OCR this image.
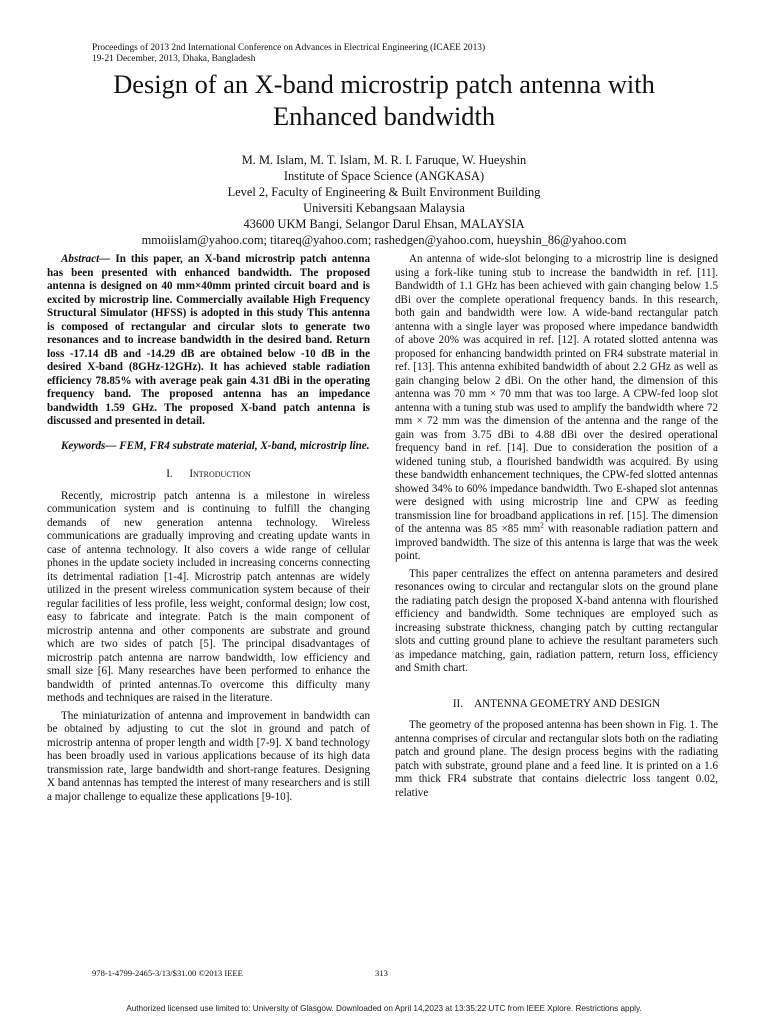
Proceedings of 2013 2nd International Conference on Advances in Electrical Engineering (ICAEE 2013)
19-21 December, 2013, Dhaka, Bangladesh
Design of an X-band microstrip patch antenna with
Enhanced bandwidth
M. M. Islam, M. T. Islam, M. R. I. Faruque, W. Hueyshin
Institute of Space Science (ANGKASA)
Level 2, Faculty of Engineering & Built Environment Building
Universiti Kebangsaan Malaysia
43600 UKM Bangi, Selangor Darul Ehsan, MALAYSIA
mmoiislam@yahoo.com; titareq@yahoo.com; rashedgen@yahoo.com, hueyshin_86@yahoo.com

Abstract— In this paper, an X-band microstrip patch antenna has been presented with enhanced bandwidth. The proposed antenna is designed on 40 mm×40mm printed circuit board and is excited by microstrip line. Commercially available High Frequency Structural Simulator (HFSS) is adopted in this study This antenna is composed of rectangular and circular slots to generate two resonances and to increase bandwidth in the desired band. Return loss -17.14 dB and -14.29 dB are obtained below -10 dB in the desired X-band (8GHz-12GHz). It has achieved stable radiation efficiency 78.85% with average peak gain 4.31 dBi in the operating frequency band. The proposed antenna has an impedance bandwidth 1.59 GHz. The proposed X-band patch antenna is discussed and presented in detail.

Keywords— FEM, FR4 substrate material, X-band, microstrip line.

I. Introduction

Recently, microstrip patch antenna is a milestone in wireless communication system and is continuing to fulfill the changing demands of new generation antenna technology. Wireless communications are gradually improving and creating update wants in case of antenna technology. It also covers a wide range of cellular phones in the update society included in increasing concerns connecting its detrimental radiation [1-4]. Microstrip patch antennas are widely utilized in the present wireless communication system because of their regular facilities of less profile, less weight, conformal design; low cost, easy to fabricate and integrate. Patch is the main component of microstrip antenna and other components are substrate and ground which are two sides of patch [5]. The principal disadvantages of microstrip patch antenna are narrow bandwidth, low efficiency and small size [6]. Many researches have been performed to enhance the bandwidth of printed antennas.To overcome this difficulty many methods and techniques are raised in the literature.

The miniaturization of antenna and improvement in bandwidth can be obtained by adjusting to cut the slot in ground and patch of microstrip antenna of proper length and width [7-9]. X band technology has been broadly used in various applications because of its high data transmission rate, large bandwidth and short-range features. Designing X band antennas has tempted the interest of many researchers and is still a major challenge to equalize these applications [9-10].

An antenna of wide-slot belonging to a microstrip line is designed using a fork-like tuning stub to increase the bandwidth in ref. [11]. Bandwidth of 1.1 GHz has been achieved with gain changing below 1.5 dBi over the complete operational frequency bands. In this research, both gain and bandwidth were low. A wide-band rectangular patch antenna with a single layer was proposed where impedance bandwidth of above 20% was acquired in ref. [12]. A rotated slotted antenna was proposed for enhancing bandwidth printed on FR4 substrate material in ref. [13]. This antenna exhibited bandwidth of about 2.2 GHz as well as gain changing below 2 dBi. On the other hand, the dimension of this antenna was 70 mm × 70 mm that was too large. A CPW-fed loop slot antenna with a tuning stub was used to amplify the bandwidth where 72 mm × 72 mm was the dimension of the antenna and the range of the gain was from 3.75 dBi to 4.88 dBi over the desired operational frequency band in ref. [14]. Due to consideration the position of a widened tuning stub, a flourished bandwidth was acquired. By using these bandwidth enhancement techniques, the CPW-fed slotted antennas showed 34% to 60% impedance bandwidth. Two E-shaped slot antennas were designed with using microstrip line and CPW as feeding transmission line for broadband applications in ref. [15]. The dimension of the antenna was 85 ×85 $mm^2$ with reasonable radiation pattern and improved bandwidth. The size of this antenna is large that was the week point.

This paper centralizes the effect on antenna parameters and desired resonances owing to circular and rectangular slots on the ground plane the radiating patch design the proposed X-band antenna with flourished efficiency and bandwidth. Some techniques are employed such as increasing substrate thickness, changing patch by cutting rectangular slots and cutting ground plane to achieve the resultant parameters such as impedance matching, gain, radiation pattern, return loss, efficiency and Smith chart.

II. ANTENNA GEOMETRY AND DESIGN

The geometry of the proposed antenna has been shown in Fig. 1. The antenna comprises of circular and rectangular slots both on the radiating patch and ground plane. The design process begins with the radiating patch with substrate, ground plane and a feed line. It is printed on a 1.6 mm thick FR4 substrate that contains dielectric loss tangent 0.02, relative

978-1-4799-2465-3/13/$31.00 ©2013 IEEE	313
Authorized licensed use limited to: University of Glasgow. Downloaded on April 14,2023 at 13:35:22 UTC from IEEE Xplore. Restrictions apply.
